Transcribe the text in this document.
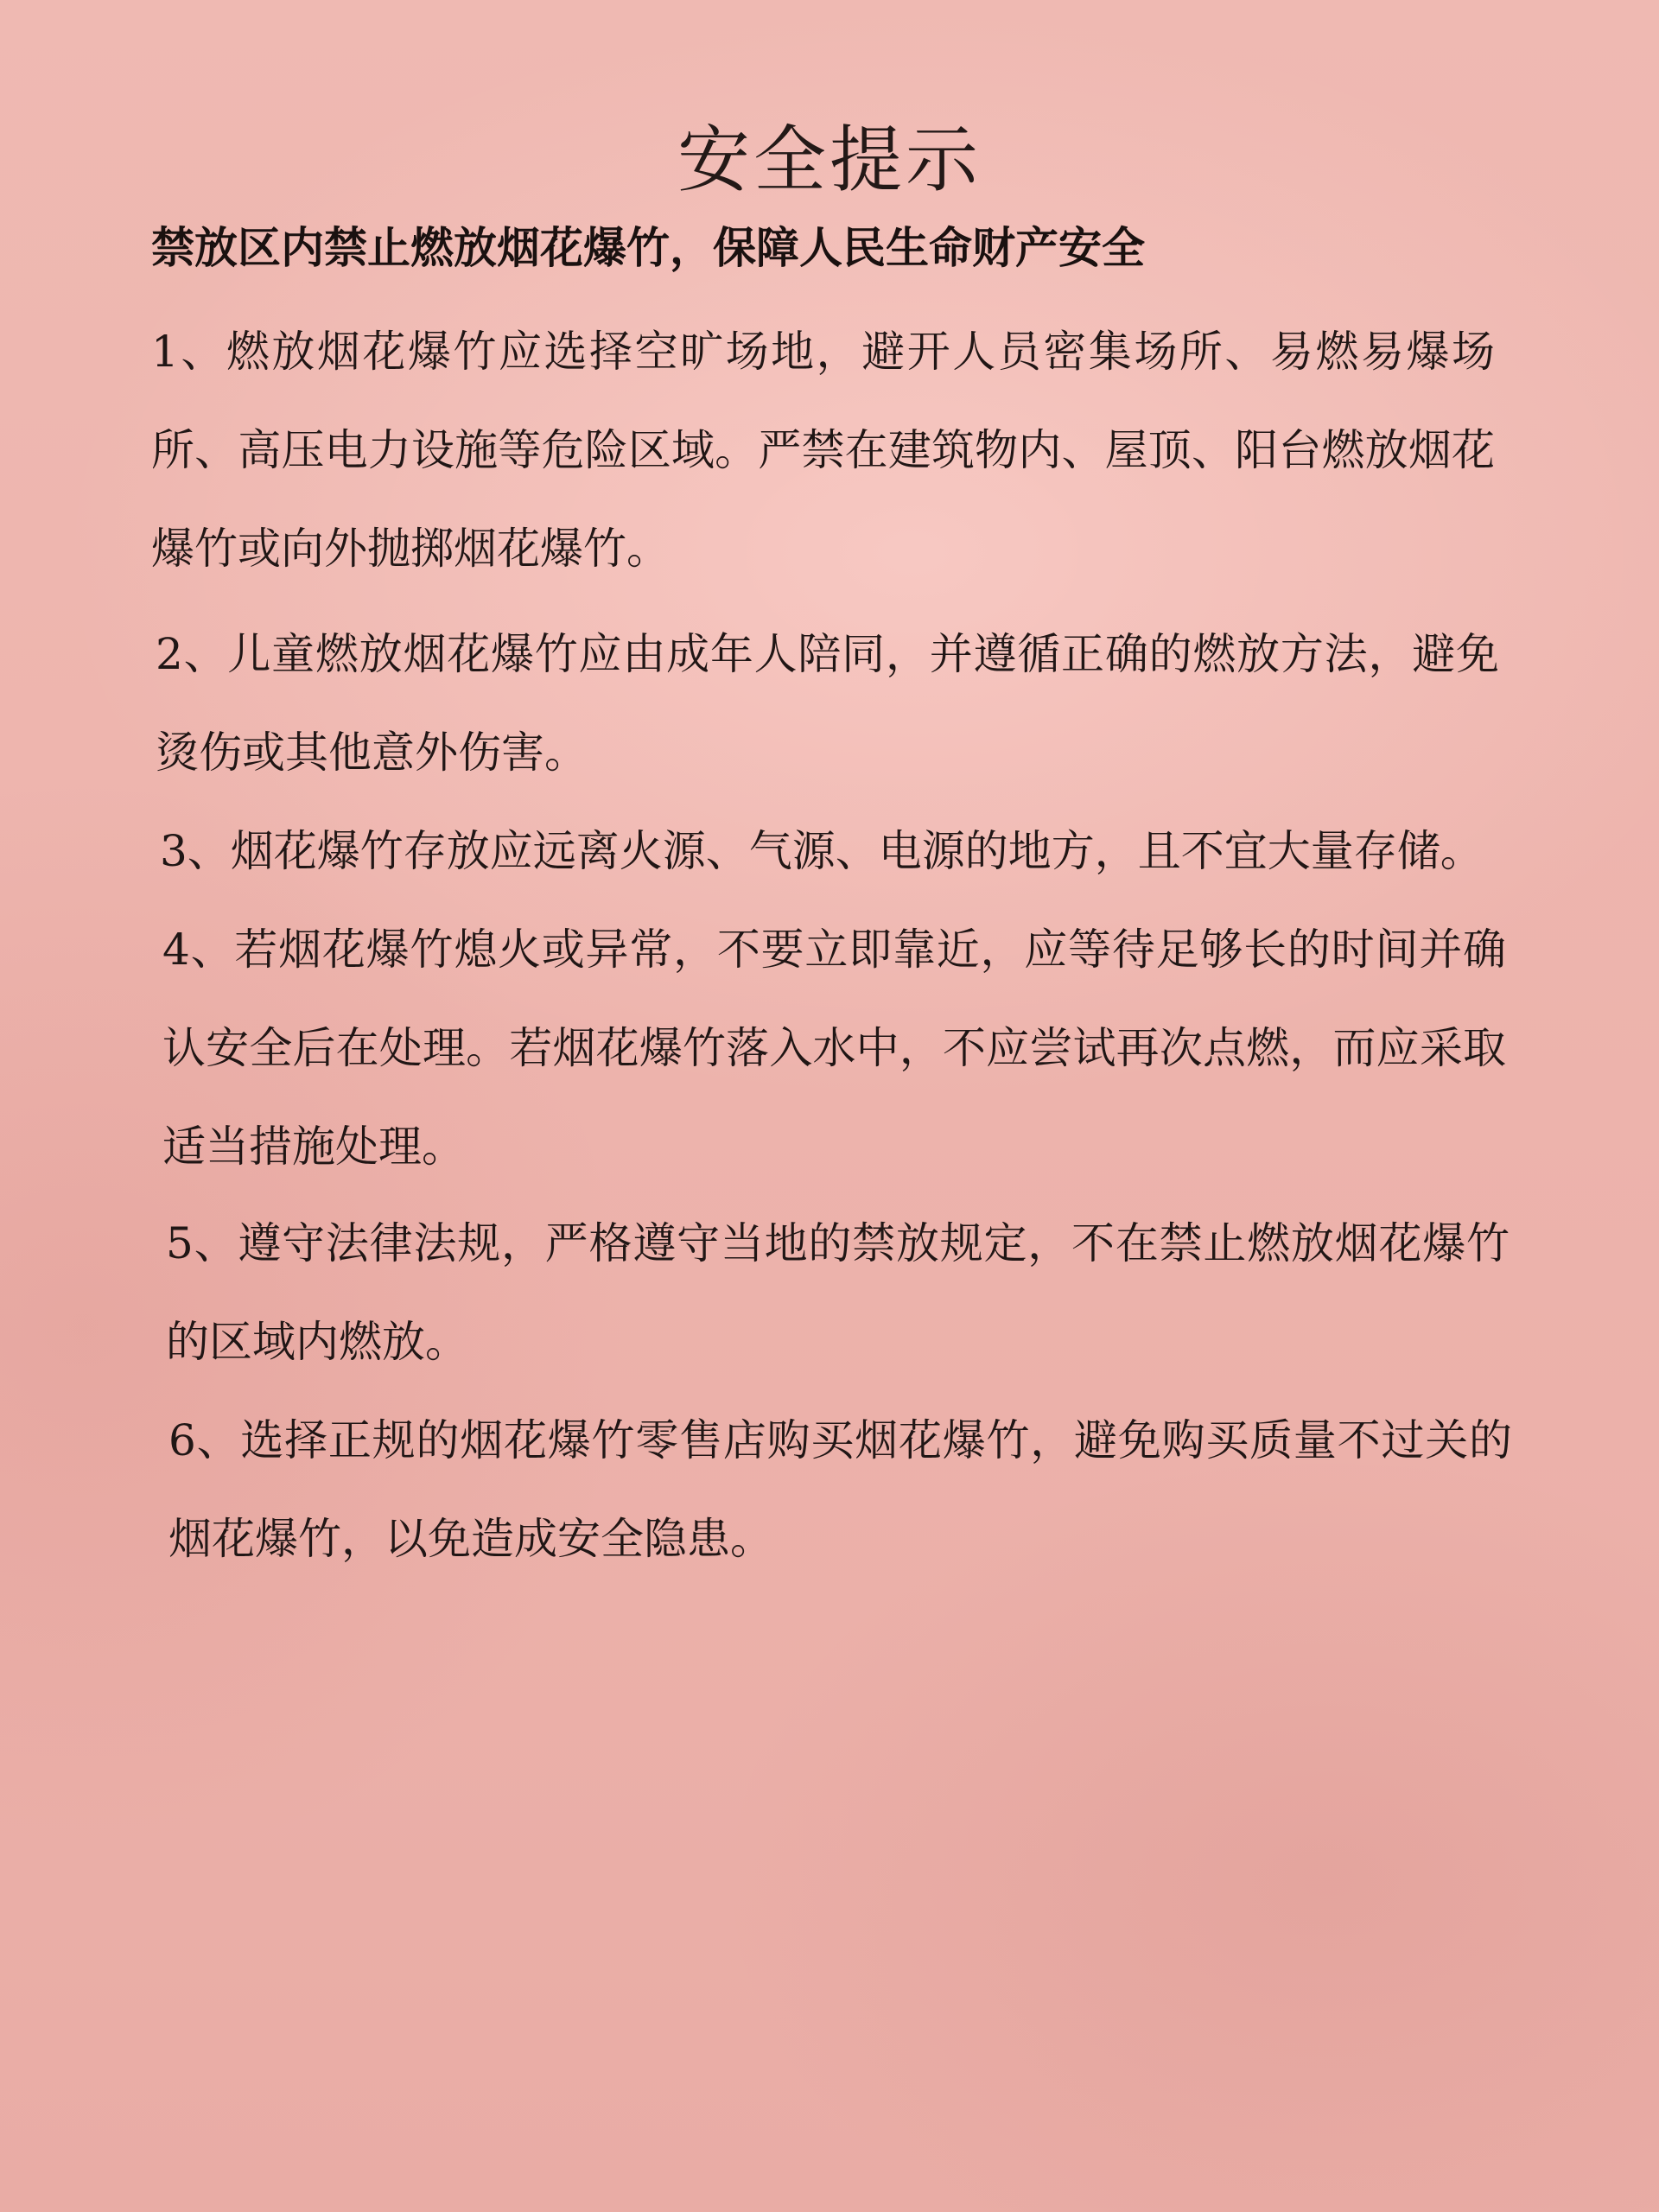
安全提示

禁放区内禁止燃放烟花爆竹，保障人民生命财产安全

1、燃放烟花爆竹应选择空旷场地，避开人员密集场所、易燃易爆场所、高压电力设施等危险区域。严禁在建筑物内、屋顶、阳台燃放烟花爆竹或向外抛掷烟花爆竹。

2、儿童燃放烟花爆竹应由成年人陪同，并遵循正确的燃放方法，避免烫伤或其他意外伤害。

3、烟花爆竹存放应远离火源、气源、电源的地方，且不宜大量存储。

4、若烟花爆竹熄火或异常，不要立即靠近，应等待足够长的时间并确认安全后在处理。若烟花爆竹落入水中，不应尝试再次点燃，而应采取适当措施处理。

5、遵守法律法规，严格遵守当地的禁放规定，不在禁止燃放烟花爆竹的区域内燃放。

6、选择正规的烟花爆竹零售店购买烟花爆竹，避免购买质量不过关的烟花爆竹，以免造成安全隐患。
